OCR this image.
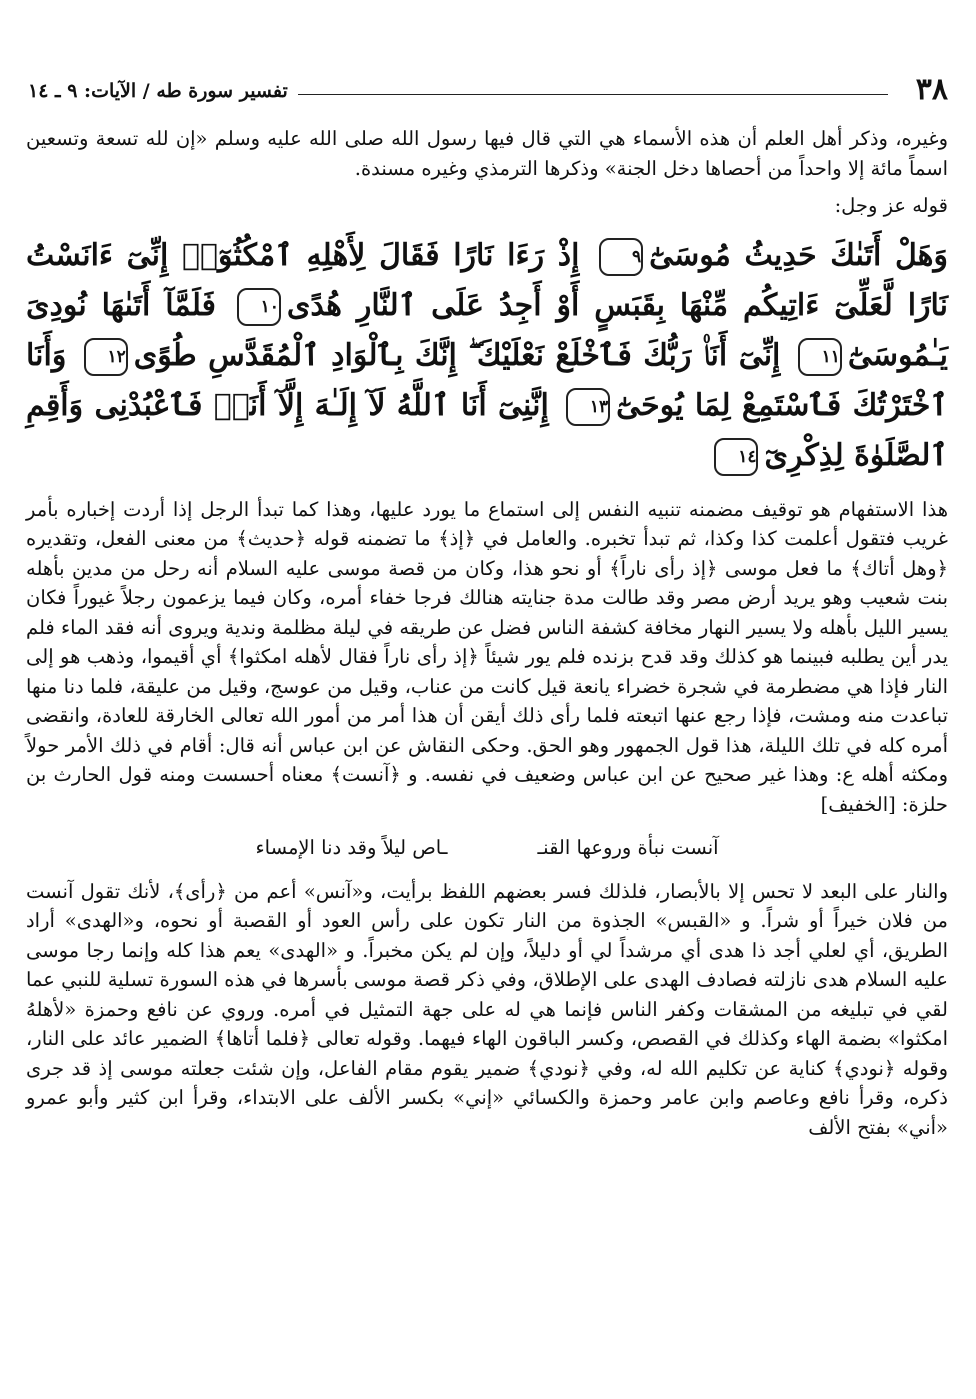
٣٨
تفسير سورة طه / الآيات: ٩ ـ ١٤

وغيره، وذكر أهل العلم أن هذه الأسماء هي التي قال فيها رسول الله صلى الله عليه وسلم «إن لله تسعة وتسعين اسماً مائة إلا واحداً من أحصاها دخل الجنة» وذكرها الترمذي وغيره مسندة.

قوله عز وجل:

وَهَلْ أَتَىٰكَ حَدِيثُ مُوسَىٰٓ٩ إِذْ رَءَا نَارًا فَقَالَ لِأَهْلِهِ ٱمْكُثُوٓا۟ إِنِّىٓ ءَانَسْتُ نَارًا لَّعَلِّىٓ ءَاتِيكُم مِّنْهَا بِقَبَسٍ أَوْ أَجِدُ عَلَى ٱلنَّارِ هُدًى١٠ فَلَمَّآ أَتَىٰهَا نُودِىَ يَـٰمُوسَىٰٓ١١ إِنِّىٓ أَنَا۠ رَبُّكَ فَٱخْلَعْ نَعْلَيْكَ ۖ إِنَّكَ بِٱلْوَادِ ٱلْمُقَدَّسِ طُوًى١٢ وَأَنَا ٱخْتَرْتُكَ فَٱسْتَمِعْ لِمَا يُوحَىٰٓ١٣ إِنَّنِىٓ أَنَا ٱللَّهُ لَآ إِلَـٰهَ إِلَّآ أَنَا۠ فَٱعْبُدْنِى وَأَقِمِ ٱلصَّلَوٰةَ لِذِكْرِىٓ١٤

هذا الاستفهام هو توقيف مضمنه تنبيه النفس إلى استماع ما يورد عليها، وهذا كما تبدأ الرجل إذا أردت إخباره بأمر غريب فتقول أعلمت كذا وكذا، ثم تبدأ تخبره. والعامل في ﴿إذ﴾ ما تضمنه قوله ﴿حديث﴾ من معنى الفعل، وتقديره ﴿وهل أتاك﴾ ما فعل موسى ﴿إذ رأى ناراً﴾ أو نحو هذا، وكان من قصة موسى عليه السلام أنه رحل من مدين بأهله بنت شعيب وهو يريد أرض مصر وقد طالت مدة جنايته هنالك فرجا خفاء أمره، وكان فيما يزعمون رجلاً غيوراً فكان يسير الليل بأهله ولا يسير النهار مخافة كشفة الناس فضل عن طريقه في ليلة مظلمة وندية ويروى أنه فقد الماء فلم يدر أين يطلبه فبينما هو كذلك وقد قدح بزنده فلم يور شيئاً ﴿إذ رأى ناراً فقال لأهله امكثوا﴾ أي أقيموا، وذهب هو إلى النار فإذا هي مضطرمة في شجرة خضراء يانعة قيل كانت من عناب، وقيل من عوسج، وقيل من عليقة، فلما دنا منها تباعدت منه ومشت، فإذا رجع عنها اتبعته فلما رأى ذلك أيقن أن هذا أمر من أمور الله تعالى الخارقة للعادة، وانقضى أمره كله في تلك الليلة، هذا قول الجمهور وهو الحق. وحكى النقاش عن ابن عباس أنه قال: أقام في ذلك الأمر حولاً ومكثه أهله ع: وهذا غير صحيح عن ابن عباس وضعيف في نفسه. و ﴿آنست﴾ معناه أحسست ومنه قول الحارث بن حلزة: [الخفيف]

آنست نبأة وروعها القنـ
ـاص ليلاً وقد دنا الإمساء

والنار على البعد لا تحس إلا بالأبصار، فلذلك فسر بعضهم اللفظ برأيت، و«آنس» أعم من ﴿رأى﴾، لأنك تقول آنست من فلان خيراً أو شراً. و «القبس» الجذوة من النار تكون على رأس العود أو القصبة أو نحوه، و«الهدى» أراد الطريق، أي لعلي أجد ذا هدى أي مرشداً لي أو دليلاً، وإن لم يكن مخبراً. و «الهدى» يعم هذا كله وإنما رجا موسى عليه السلام هدى نازلته فصادف الهدى على الإطلاق، وفي ذكر قصة موسى بأسرها في هذه السورة تسلية للنبي عما لقي في تبليغه من المشقات وكفر الناس فإنما هي له على جهة التمثيل في أمره. وروي عن نافع وحمزة «لأهلهُ امكثوا» بضمة الهاء وكذلك في القصص، وكسر الباقون الهاء فيهما. وقوله تعالى ﴿فلما أتاها﴾ الضمير عائد على النار، وقوله ﴿نودي﴾ كناية عن تكليم الله له، وفي ﴿نودي﴾ ضمير يقوم مقام الفاعل، وإن شئت جعلته موسى إذ قد جرى ذكره، وقرأ نافع وعاصم وابن عامر وحمزة والكسائي «إني» بكسر الألف على الابتداء، وقرأ ابن كثير وأبو عمرو «أني» بفتح الألف
